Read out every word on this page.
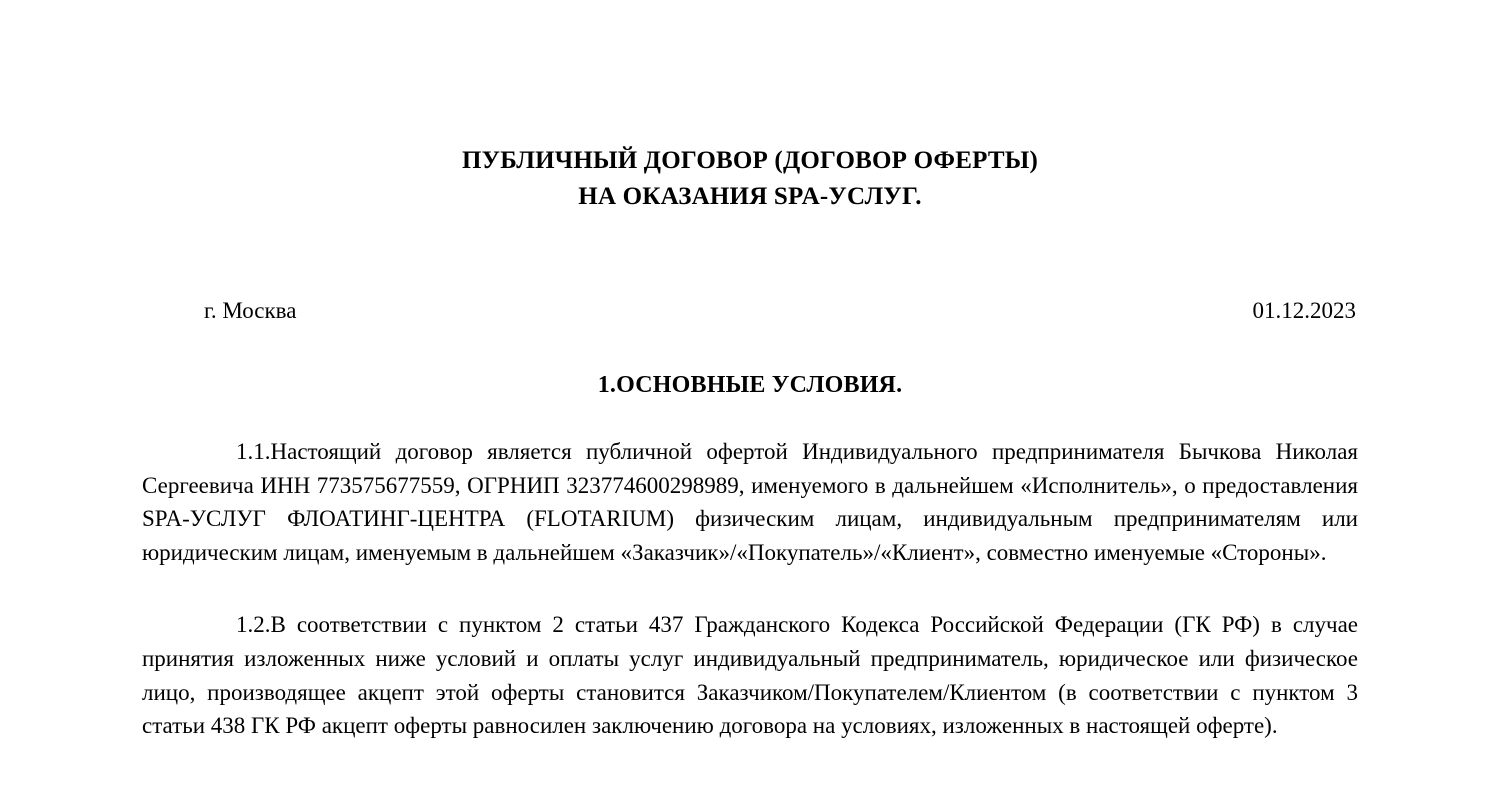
ПУБЛИЧНЫЙ ДОГОВОР (ДОГОВОР ОФЕРТЫ)
НА ОКАЗАНИЯ SPA-УСЛУГ.
г. Москва	01.12.2023
1.ОСНОВНЫЕ УСЛОВИЯ.

1.1.Настоящий договор является публичной офертой Индивидуального предпринимателя Бычкова Николая Сергеевича ИНН 773575677559, ОГРНИП 323774600298989, именуемого в дальнейшем «Исполнитель», о предоставления SPA-УСЛУГ ФЛОАТИНГ-ЦЕНТРА (FLOTARIUM) физическим лицам, индивидуальным предпринимателям или юридическим лицам, именуемым в дальнейшем «Заказчик»/«Покупатель»/«Клиент», совместно именуемые «Стороны».

1.2.В соответствии с пунктом 2 статьи 437 Гражданского Кодекса Российской Федерации (ГК РФ) в случае принятия изложенных ниже условий и оплаты услуг индивидуальный предприниматель, юридическое или физическое лицо, производящее акцепт этой оферты становится Заказчиком/Покупателем/Клиентом (в соответствии с пунктом 3 статьи 438 ГК РФ акцепт оферты равносилен заключению договора на условиях, изложенных в настоящей оферте).
